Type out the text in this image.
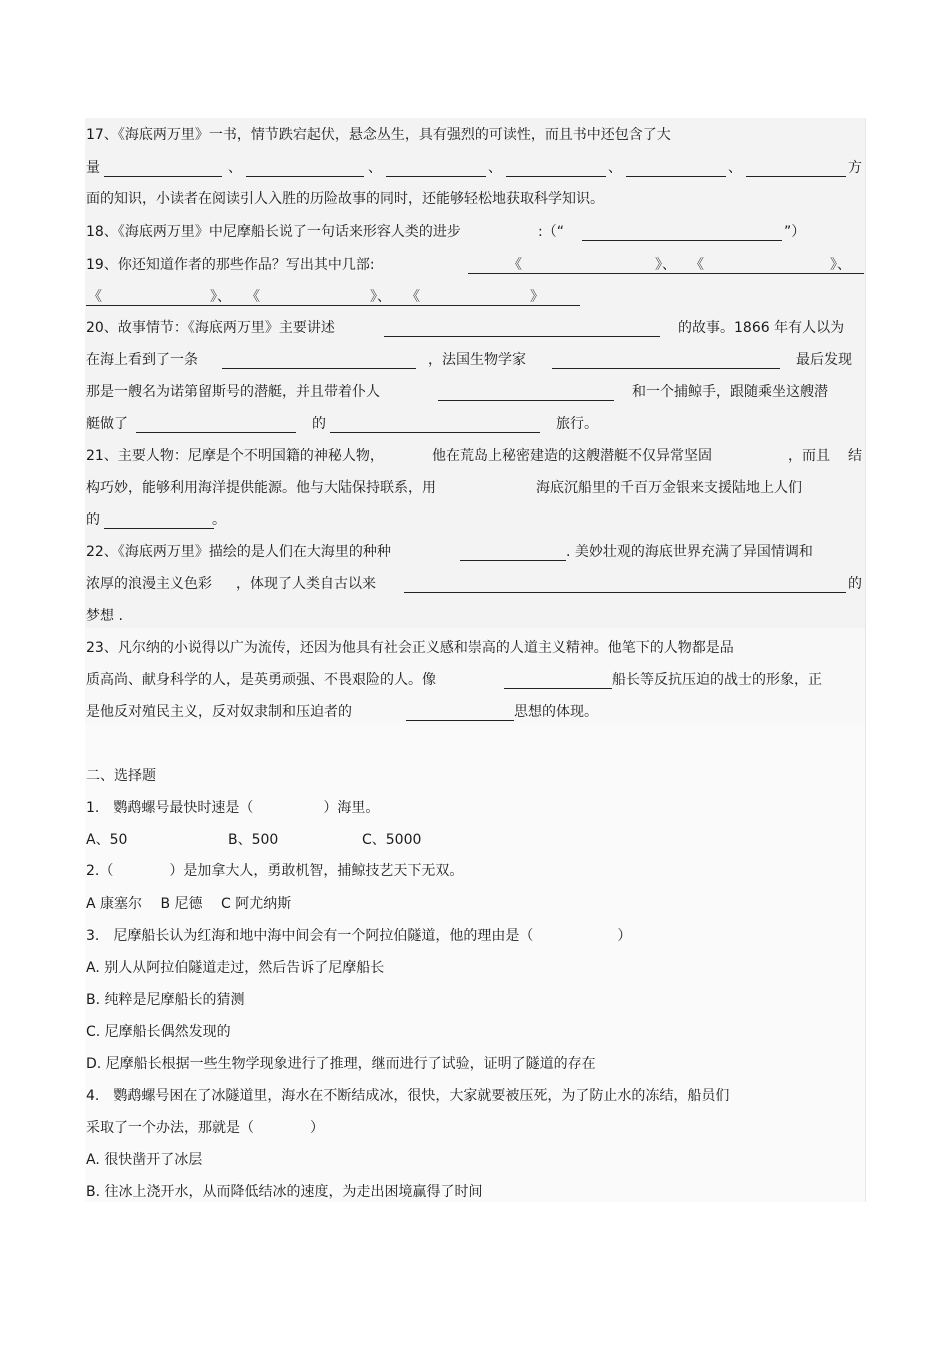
17、《海底两万里》一书，情节跌宕起伏，悬念丛生，具有强烈的可读性，而且书中还包含了大
量	、	、	、	、	、	方
面的知识，小读者在阅读引人入胜的历险故事的同时，还能够轻松地获取科学知识。
18、《海底两万里》中尼摩船长说了一句话来形容人类的进步	:（“	”）
19、你还知道作者的那些作品？写出其中几部:	《	》、 《	》、
《	》、 《	》、 《	》
20、故事情节：《海底两万里》主要讲述	的故事。1866 年有人以为
在海上看到了一条	，法国生物学家	最后发现
那是一艘名为诺第留斯号的潜艇，并且带着仆人	和一个捕鲸手，跟随乘坐这艘潜
艇做了	的	旅行。
21、主要人物：尼摩是个不明国籍的神秘人物，	他在荒岛上秘密建造的这艘潜艇不仅异常坚固	，而且 结
构巧妙，能够利用海洋提供能源。他与大陆保持联系，用	海底沉船里的千百万金银来支援陆地上人们
的	。
22、《海底两万里》描绘的是人们在大海里的种种	. 美妙壮观的海底世界充满了异国情调和
浓厚的浪漫主义色彩 ，体现了人类自古以来	的
梦想 .
23、凡尔纳的小说得以广为流传，还因为他具有社会正义感和崇高的人道主义精神。他笔下的人物都是品
质高尚、献身科学的人，是英勇顽强、不畏艰险的人。像	船长等反抗压迫的战士的形象，正
是他反对殖民主义，反对奴隶制和压迫者的	思想的体现。
二、选择题
1.　鹦鹉螺号最快时速是（　　　　　）海里。
A、50	B、500	C、5000
2.（　　　　）是加拿大人，勇敢机智，捕鲸技艺天下无双。
A 康塞尔　 B 尼德　 C 阿尤纳斯
3.　尼摩船长认为红海和地中海中间会有一个阿拉伯隧道，他的理由是（　　　　　　）
A. 别人从阿拉伯隧道走过，然后告诉了尼摩船长
B. 纯粹是尼摩船长的猜测
C. 尼摩船长偶然发现的
D. 尼摩船长根据一些生物学现象进行了推理，继而进行了试验，证明了隧道的存在
4.　鹦鹉螺号困在了冰隧道里，海水在不断结成冰，很快，大家就要被压死，为了防止水的冻结，船员们
采取了一个办法，那就是（　　　　）
A. 很快凿开了冰层
B. 往冰上浇开水，从而降低结冰的速度，为走出困境赢得了时间
